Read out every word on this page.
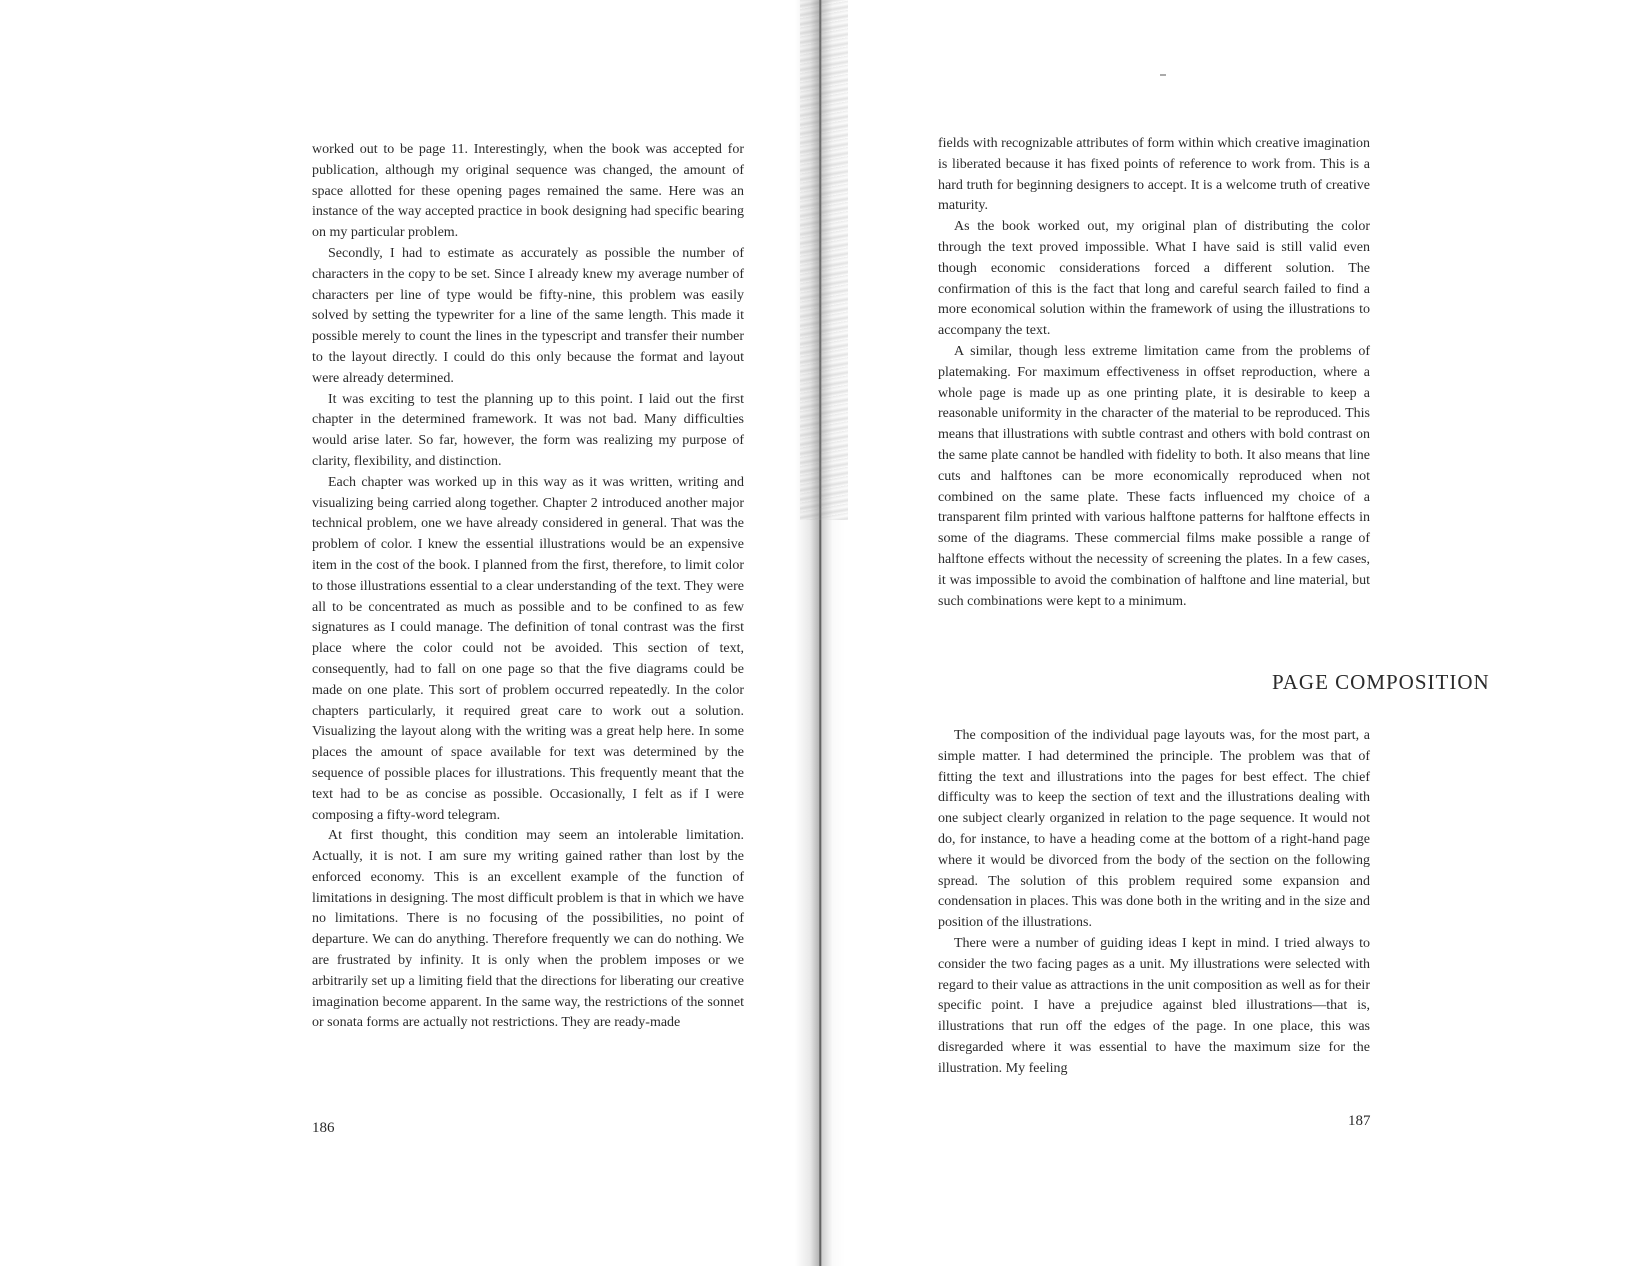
worked out to be page 11. Interestingly, when the book was accepted for publication, although my original sequence was changed, the amount of space allotted for these opening pages remained the same. Here was an instance of the way accepted practice in book designing had specific bearing on my particular problem.

Secondly, I had to estimate as accurately as possible the number of characters in the copy to be set. Since I already knew my average number of characters per line of type would be fifty-nine, this problem was easily solved by setting the typewriter for a line of the same length. This made it possible merely to count the lines in the typescript and transfer their number to the layout directly. I could do this only because the format and layout were already determined.

It was exciting to test the planning up to this point. I laid out the first chapter in the determined framework. It was not bad. Many difficulties would arise later. So far, however, the form was realizing my purpose of clarity, flexibility, and distinction.

Each chapter was worked up in this way as it was written, writing and visualizing being carried along together. Chapter 2 introduced another major technical problem, one we have already considered in general. That was the problem of color. I knew the essential illustrations would be an expensive item in the cost of the book. I planned from the first, therefore, to limit color to those illustrations essential to a clear understanding of the text. They were all to be concentrated as much as possible and to be confined to as few signatures as I could manage. The definition of tonal contrast was the first place where the color could not be avoided. This section of text, consequently, had to fall on one page so that the five diagrams could be made on one plate. This sort of problem occurred repeatedly. In the color chapters particularly, it required great care to work out a solution. Visualizing the layout along with the writing was a great help here. In some places the amount of space available for text was determined by the sequence of possible places for illustrations. This frequently meant that the text had to be as concise as possible. Occasionally, I felt as if I were composing a fifty-word telegram.

At first thought, this condition may seem an intolerable limitation. Actually, it is not. I am sure my writing gained rather than lost by the enforced economy. This is an excellent example of the function of limitations in designing. The most difficult problem is that in which we have no limitations. There is no focusing of the possibilities, no point of departure. We can do anything. Therefore frequently we can do nothing. We are frustrated by infinity. It is only when the problem imposes or we arbitrarily set up a limiting field that the directions for liberating our creative imagination become apparent. In the same way, the restrictions of the sonnet or sonata forms are actually not restrictions. They are ready-made

186

fields with recognizable attributes of form within which creative imagination is liberated because it has fixed points of reference to work from. This is a hard truth for beginning designers to accept. It is a welcome truth of creative maturity.

As the book worked out, my original plan of distributing the color through the text proved impossible. What I have said is still valid even though economic considerations forced a different solution. The confirmation of this is the fact that long and careful search failed to find a more economical solution within the framework of using the illustrations to accompany the text.

A similar, though less extreme limitation came from the problems of platemaking. For maximum effectiveness in offset reproduction, where a whole page is made up as one printing plate, it is desirable to keep a reasonable uniformity in the character of the material to be reproduced. This means that illustrations with subtle contrast and others with bold contrast on the same plate cannot be handled with fidelity to both. It also means that line cuts and halftones can be more economically reproduced when not combined on the same plate. These facts influenced my choice of a transparent film printed with various halftone patterns for halftone effects in some of the diagrams. These commercial films make possible a range of halftone effects without the necessity of screening the plates. In a few cases, it was impossible to avoid the combination of halftone and line material, but such combinations were kept to a minimum.

PAGE COMPOSITION

The composition of the individual page layouts was, for the most part, a simple matter. I had determined the principle. The problem was that of fitting the text and illustrations into the pages for best effect. The chief difficulty was to keep the section of text and the illustrations dealing with one subject clearly organized in relation to the page sequence. It would not do, for instance, to have a heading come at the bottom of a right-hand page where it would be divorced from the body of the section on the following spread. The solution of this problem required some expansion and condensation in places. This was done both in the writing and in the size and position of the illustrations.

There were a number of guiding ideas I kept in mind. I tried always to consider the two facing pages as a unit. My illustrations were selected with regard to their value as attractions in the unit composition as well as for their specific point. I have a prejudice against bled illustrations—that is, illustrations that run off the edges of the page. In one place, this was disregarded where it was essential to have the maximum size for the illustration. My feeling

187
